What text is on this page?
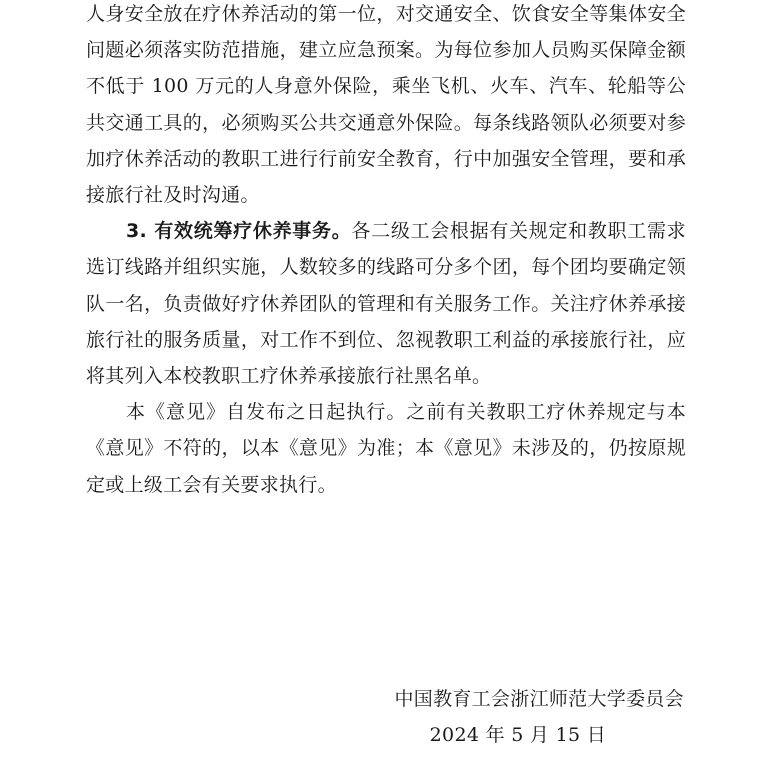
人身安全放在疗休养活动的第一位，对交通安全、饮食安全等集体安全问题必须落实防范措施，建立应急预案。为每位参加人员购买保障金额不低于 100 万元的人身意外保险，乘坐飞机、火车、汽车、轮船等公共交通工具的，必须购买公共交通意外保险。每条线路领队必须要对参加疗休养活动的教职工进行行前安全教育，行中加强安全管理，要和承接旅行社及时沟通。

3. 有效统筹疗休养事务。各二级工会根据有关规定和教职工需求选订线路并组织实施，人数较多的线路可分多个团，每个团均要确定领队一名，负责做好疗休养团队的管理和有关服务工作。关注疗休养承接旅行社的服务质量，对工作不到位、忽视教职工利益的承接旅行社，应将其列入本校教职工疗休养承接旅行社黑名单。

本《意见》自发布之日起执行。之前有关教职工疗休养规定与本《意见》不符的，以本《意见》为准；本《意见》未涉及的，仍按原规定或上级工会有关要求执行。

中国教育工会浙江师范大学委员会
2024 年 5 月 15 日
